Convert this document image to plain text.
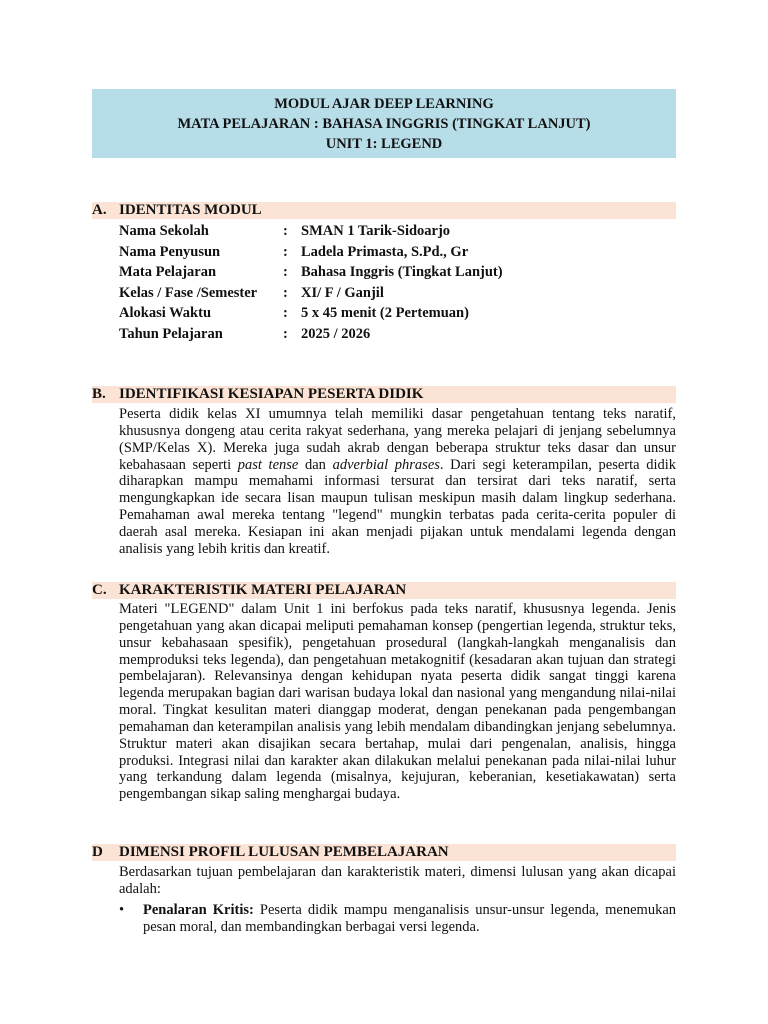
MODUL AJAR DEEP LEARNING
MATA PELAJARAN : BAHASA INGGRIS (TINGKAT LANJUT)
UNIT 1: LEGEND
A. IDENTITAS MODUL
Nama Sekolah	: SMAN 1 Tarik-Sidoarjo
Nama Penyusun	: Ladela Primasta, S.Pd., Gr
Mata Pelajaran	: Bahasa Inggris (Tingkat Lanjut)
Kelas / Fase /Semester : XI/ F / Ganjil
Alokasi Waktu	: 5 x 45 menit (2 Pertemuan)
Tahun Pelajaran	: 2025 / 2026
B. IDENTIFIKASI KESIAPAN PESERTA DIDIK

Peserta didik kelas XI umumnya telah memiliki dasar pengetahuan tentang teks naratif, khususnya dongeng atau cerita rakyat sederhana, yang mereka pelajari di jenjang sebelumnya (SMP/Kelas X). Mereka juga sudah akrab dengan beberapa struktur teks dasar dan unsur kebahasaan seperti past tense dan adverbial phrases. Dari segi keterampilan, peserta didik diharapkan mampu memahami informasi tersurat dan tersirat dari teks naratif, serta mengungkapkan ide secara lisan maupun tulisan meskipun masih dalam lingkup sederhana. Pemahaman awal mereka tentang "legend" mungkin terbatas pada cerita-cerita populer di daerah asal mereka. Kesiapan ini akan menjadi pijakan untuk mendalami legenda dengan analisis yang lebih kritis dan kreatif.

C. KARAKTERISTIK MATERI PELAJARAN

Materi "LEGEND" dalam Unit 1 ini berfokus pada teks naratif, khususnya legenda. Jenis pengetahuan yang akan dicapai meliputi pemahaman konsep (pengertian legenda, struktur teks, unsur kebahasaan spesifik), pengetahuan prosedural (langkah-langkah menganalisis dan memproduksi teks legenda), dan pengetahuan metakognitif (kesadaran akan tujuan dan strategi pembelajaran). Relevansinya dengan kehidupan nyata peserta didik sangat tinggi karena legenda merupakan bagian dari warisan budaya lokal dan nasional yang mengandung nilai-nilai moral. Tingkat kesulitan materi dianggap moderat, dengan penekanan pada pengembangan pemahaman dan keterampilan analisis yang lebih mendalam dibandingkan jenjang sebelumnya. Struktur materi akan disajikan secara bertahap, mulai dari pengenalan, analisis, hingga produksi. Integrasi nilai dan karakter akan dilakukan melalui penekanan pada nilai-nilai luhur yang terkandung dalam legenda (misalnya, kejujuran, keberanian, kesetiakawatan) serta pengembangan sikap saling menghargai budaya.

D DIMENSI PROFIL LULUSAN PEMBELAJARAN

Berdasarkan tujuan pembelajaran dan karakteristik materi, dimensi lulusan yang akan dicapai adalah:

• Penalaran Kritis: Peserta didik mampu menganalisis unsur-unsur legenda, menemukan pesan moral, dan membandingkan berbagai versi legenda.
